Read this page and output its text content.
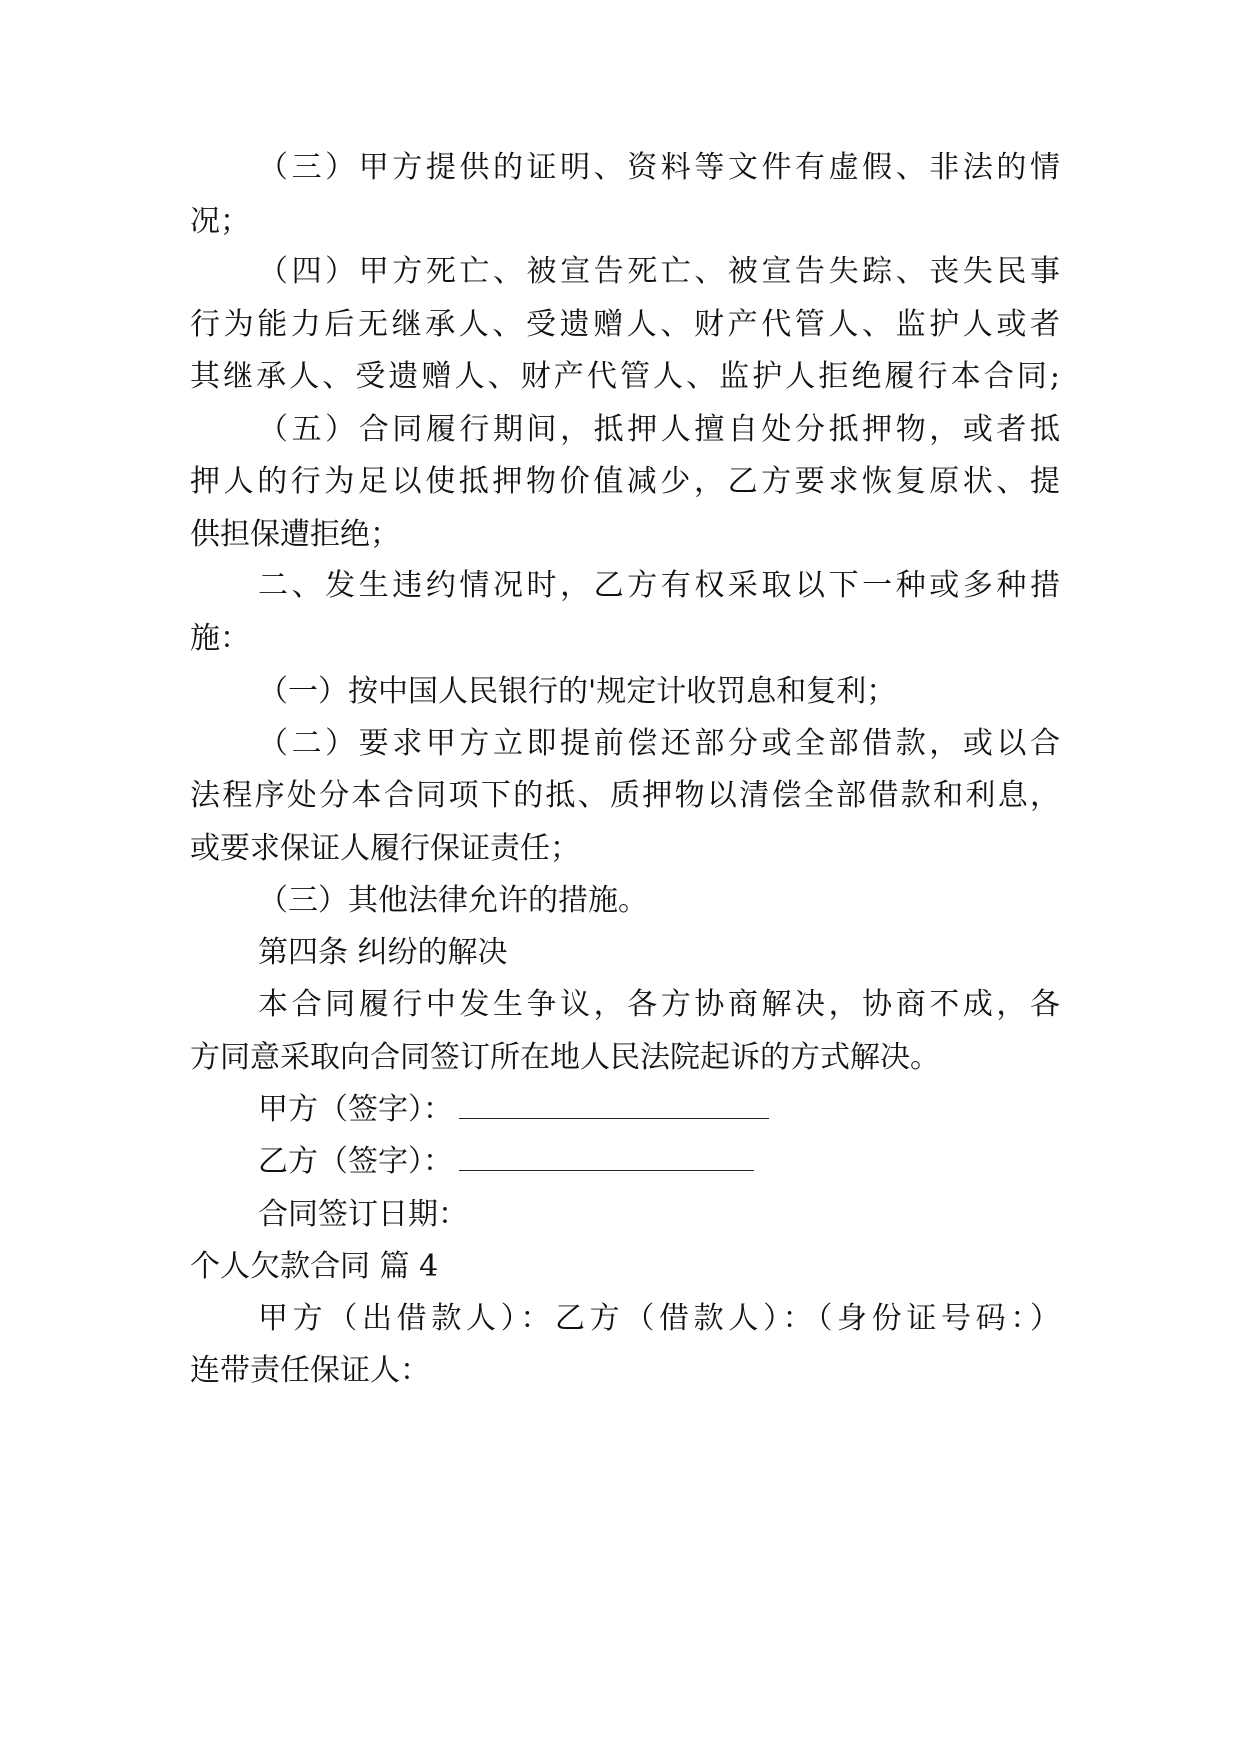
（三）甲方提供的证明、资料等文件有虚假、非法的情
况；
（四）甲方死亡、被宣告死亡、被宣告失踪、丧失民事
行为能力后无继承人、受遗赠人、财产代管人、监护人或者
其继承人、受遗赠人、财产代管人、监护人拒绝履行本合同;
（五）合同履行期间，抵押人擅自处分抵押物，或者抵
押人的行为足以使抵押物价值减少，乙方要求恢复原状、提
供担保遭拒绝；
二、发生违约情况时，乙方有权采取以下一种或多种措
施：
（一）按中国人民银行的'规定计收罚息和复利；
（二）要求甲方立即提前偿还部分或全部借款，或以合
法程序处分本合同项下的抵、质押物以清偿全部借款和利息，
或要求保证人履行保证责任；
（三）其他法律允许的措施。
第四条 纠纷的解决
本合同履行中发生争议，各方协商解决，协商不成，各
方同意采取向合同签订所在地人民法院起诉的方式解决。
甲方（签字）：
乙方（签字）：
合同签订日期：
个人欠款合同 篇 4
甲方（出借款人）：乙方（借款人）：（身份证号码：）
连带责任保证人：
